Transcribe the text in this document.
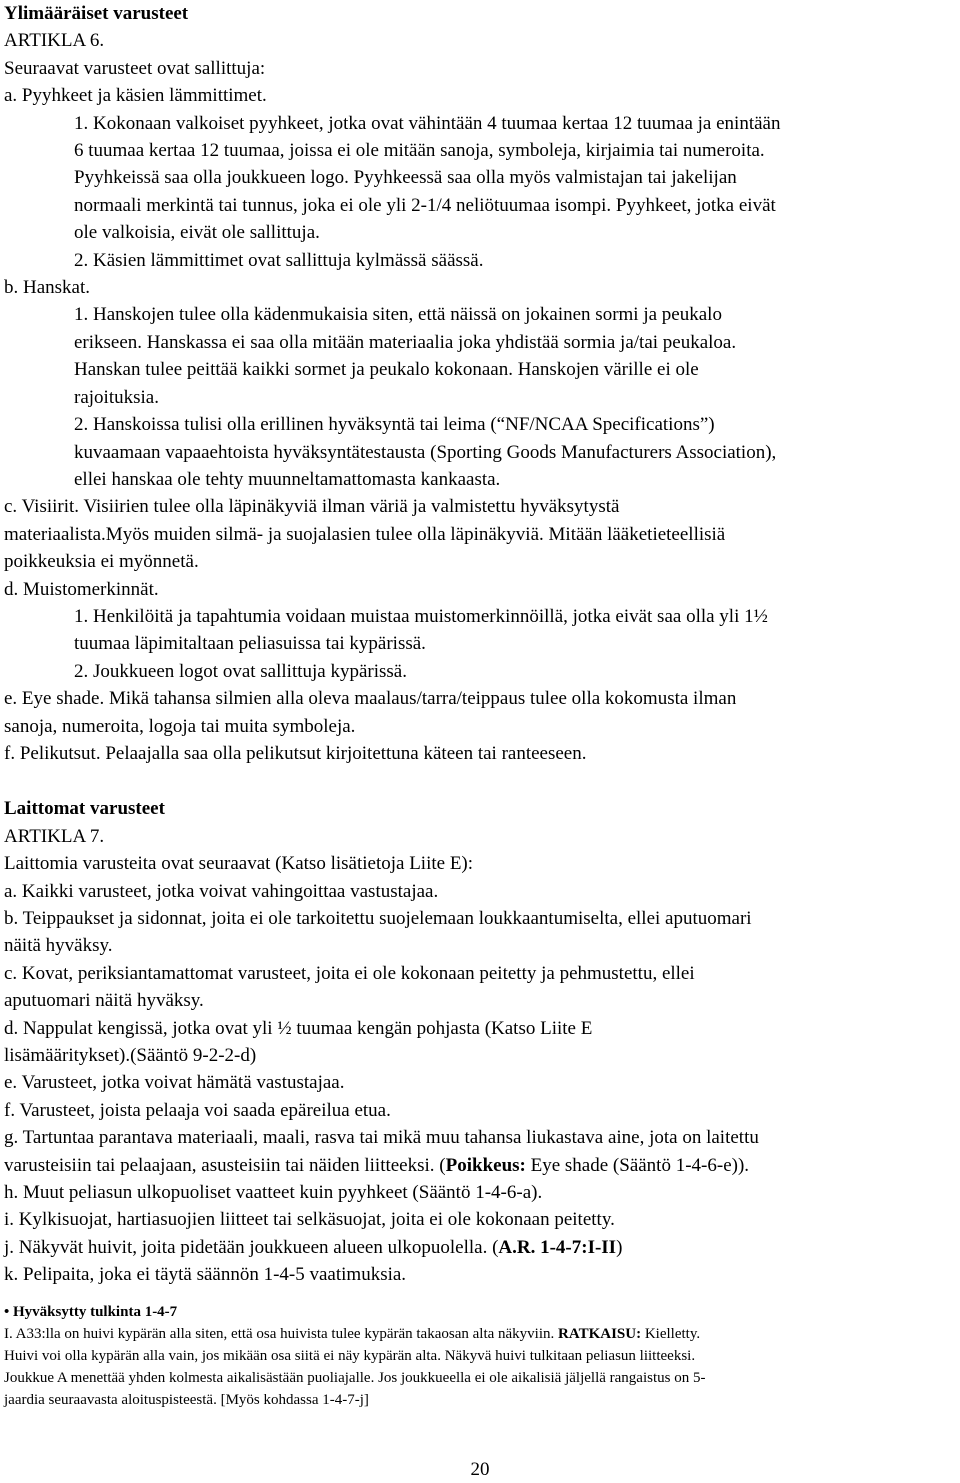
Ylimääräiset varusteet

ARTIKLA 6.

Seuraavat varusteet ovat sallittuja:

a. Pyyhkeet ja käsien lämmittimet.

1. Kokonaan valkoiset pyyhkeet, jotka ovat vähintään 4 tuumaa kertaa 12 tuumaa ja enintään

6 tuumaa kertaa 12 tuumaa, joissa ei ole mitään sanoja, symboleja, kirjaimia tai numeroita.

Pyyhkeissä saa olla joukkueen logo. Pyyhkeessä saa olla myös valmistajan tai jakelijan

normaali merkintä tai tunnus, joka ei ole yli 2-1/4 neliötuumaa isompi. Pyyhkeet, jotka eivät

ole valkoisia, eivät ole sallittuja.

2. Käsien lämmittimet ovat sallittuja kylmässä säässä.

b. Hanskat.

1. Hanskojen tulee olla kädenmukaisia siten, että näissä on jokainen sormi ja peukalo

erikseen. Hanskassa ei saa olla mitään materiaalia joka yhdistää sormia ja/tai peukaloa.

Hanskan tulee peittää kaikki sormet ja peukalo kokonaan. Hanskojen värille ei ole

rajoituksia.

2. Hanskoissa tulisi olla erillinen hyväksyntä tai leima (“NF/NCAA Specifications”)

kuvaamaan vapaaehtoista hyväksyntätestausta (Sporting Goods Manufacturers Association),

ellei hanskaa ole tehty muunneltamattomasta kankaasta.

c. Visiirit. Visiirien tulee olla läpinäkyviä ilman väriä ja valmistettu hyväksytystä

materiaalista.Myös muiden silmä- ja suojalasien tulee olla läpinäkyviä. Mitään lääketieteellisiä

poikkeuksia ei myönnetä.

d. Muistomerkinnät.

1. Henkilöitä ja tapahtumia voidaan muistaa muistomerkinnöillä, jotka eivät saa olla yli 1½

tuumaa läpimitaltaan peliasuissa tai kypärissä.

2. Joukkueen logot ovat sallittuja kypärissä.

e. Eye shade. Mikä tahansa silmien alla oleva maalaus/tarra/teippaus tulee olla kokomusta ilman

sanoja, numeroita, logoja tai muita symboleja.

f. Pelikutsut. Pelaajalla saa olla pelikutsut kirjoitettuna käteen tai ranteeseen.

Laittomat varusteet

ARTIKLA 7.

Laittomia varusteita ovat seuraavat (Katso lisätietoja Liite E):

a. Kaikki varusteet, jotka voivat vahingoittaa vastustajaa.

b. Teippaukset ja sidonnat, joita ei ole tarkoitettu suojelemaan loukkaantumiselta, ellei aputuomari

näitä hyväksy.

c. Kovat, periksiantamattomat varusteet, joita ei ole kokonaan peitetty ja pehmustettu, ellei

aputuomari näitä hyväksy.

d. Nappulat kengissä, jotka ovat yli ½ tuumaa kengän pohjasta (Katso Liite E

lisämääritykset).(Sääntö 9-2-2-d)

e. Varusteet, jotka voivat hämätä vastustajaa.

f. Varusteet, joista pelaaja voi saada epäreilua etua.

g. Tartuntaa parantava materiaali, maali, rasva tai mikä muu tahansa liukastava aine, jota on laitettu

varusteisiin tai pelaajaan, asusteisiin tai näiden liitteeksi. (Poikkeus: Eye shade (Sääntö 1-4-6-e)).

h. Muut peliasun ulkopuoliset vaatteet kuin pyyhkeet (Sääntö 1-4-6-a).

i. Kylkisuojat, hartiasuojien liitteet tai selkäsuojat, joita ei ole kokonaan peitetty.

j. Näkyvät huivit, joita pidetään joukkueen alueen ulkopuolella. (A.R. 1-4-7:I-II)

k. Pelipaita, joka ei täytä säännön 1-4-5 vaatimuksia.

• Hyväksytty tulkinta 1-4-7

I. A33:lla on huivi kypärän alla siten, että osa huivista tulee kypärän takaosan alta näkyviin. RATKAISU: Kielletty.

Huivi voi olla kypärän alla vain, jos mikään osa siitä ei näy kypärän alta. Näkyvä huivi tulkitaan peliasun liitteeksi.

Joukkue A menettää yhden kolmesta aikalisästään puoliajalle. Jos joukkueella ei ole aikalisiä jäljellä rangaistus on 5-

jaardia seuraavasta aloituspisteestä. [Myös kohdassa 1-4-7-j]

20
